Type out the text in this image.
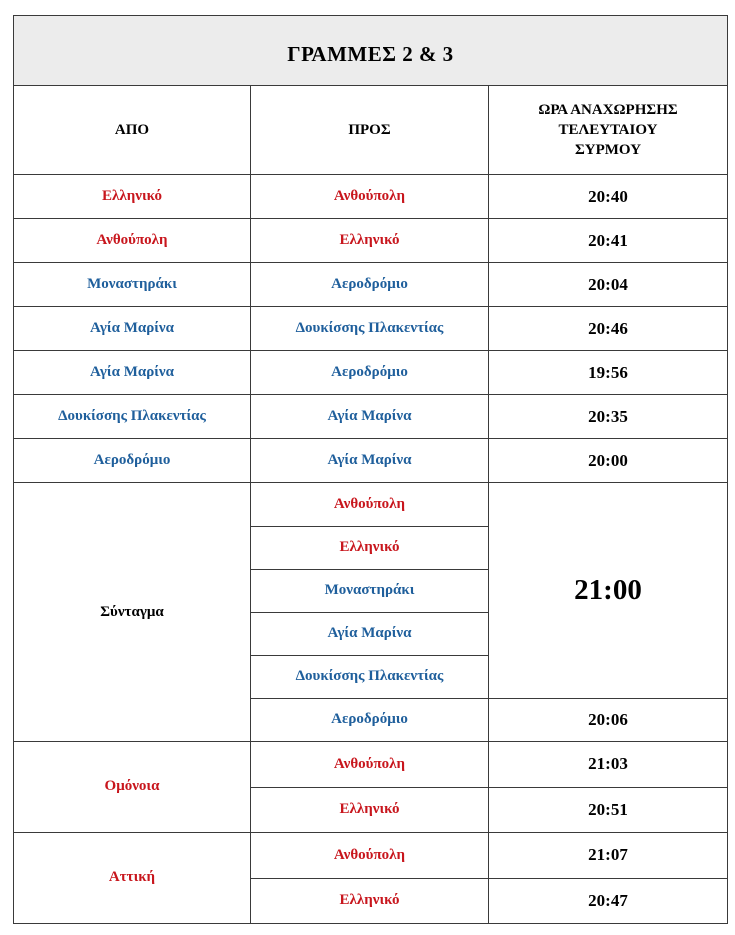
ΓΡΑΜΜΕΣ 2 & 3		
ΑΠΟ	ΠΡΟΣ	ΩΡΑ ΑΝΑΧΩΡΗΣΗΣ
ΤΕΛΕΥΤΑΙΟΥ
ΣΥΡΜΟΥ

Ελληνικό	Ανθούπολη	20:40
Ανθούπολη	Ελληνικό	20:41
Μοναστηράκι	Αεροδρόμιο	20:04
Αγία Μαρίνα	Δουκίσσης Πλακεντίας	20:46
Αγία Μαρίνα	Αεροδρόμιο	19:56
Δουκίσσης Πλακεντίας	Αγία Μαρίνα	20:35
Αεροδρόμιο	Αγία Μαρίνα	20:00
Σύνταγμα	Ανθούπολη	21:00
	Ελληνικό	
	Μοναστηράκι	
	Αγία Μαρίνα	
	Δουκίσσης Πλακεντίας	
	Αεροδρόμιο	20:06
Ομόνοια	Ανθούπολη	21:03
	Ελληνικό	20:51
Αττική	Ανθούπολη	21:07
	Ελληνικό	20:47
